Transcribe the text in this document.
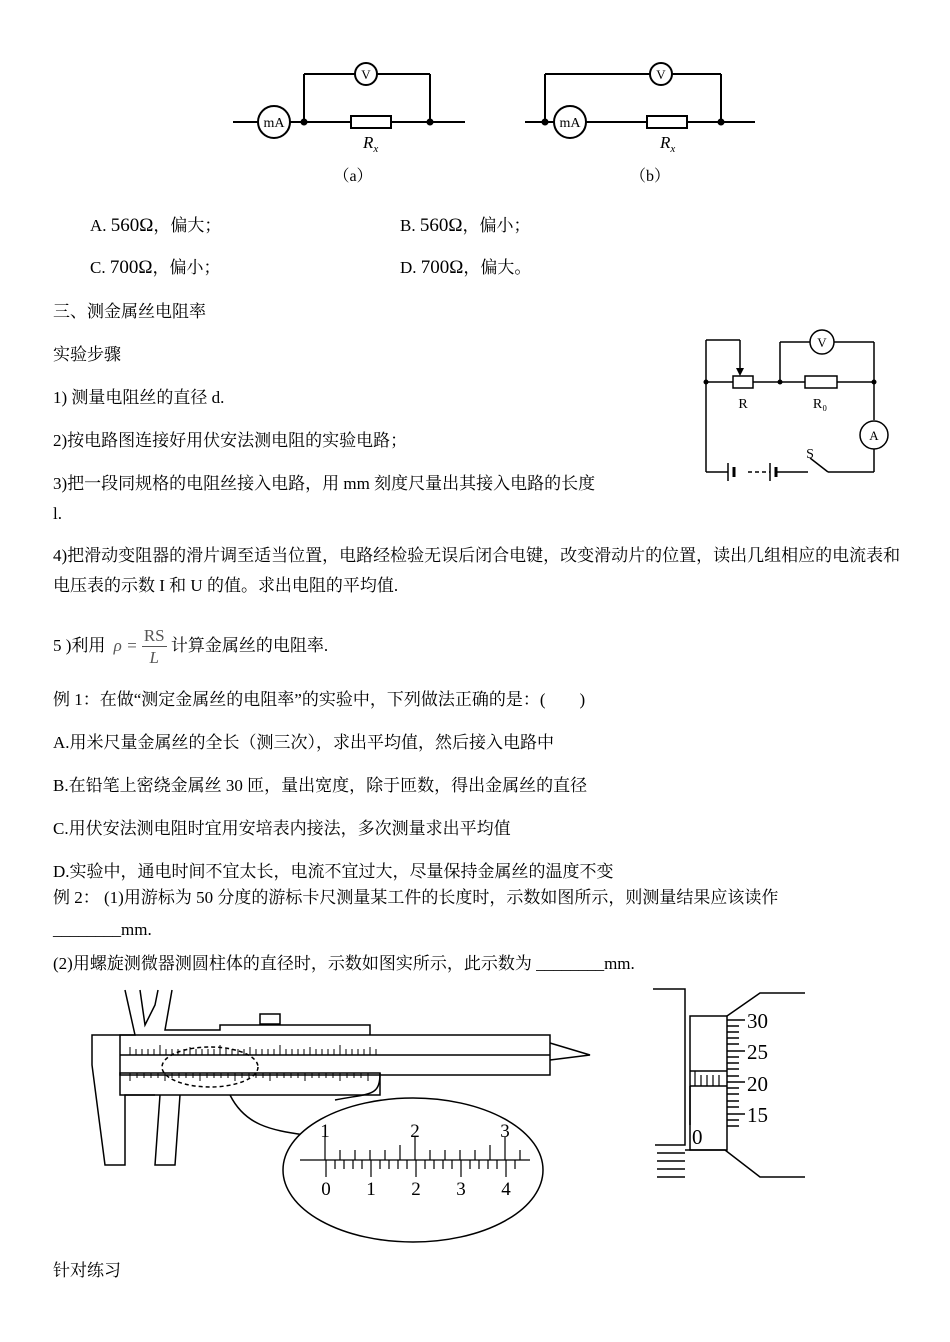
mA
V
$R_x$
（a）
mA
V
$R_x$
（b）
A. 560Ω，偏大；	B. 560Ω，偏小；
C. 700Ω，偏小；	D. 700Ω，偏大。
三、测金属丝电阻率
实验步骤
1) 测量电阻丝的直径 d.
2)按电路图连接好用伏安法测电阻的实验电路；
3)把一段同规格的电阻丝接入电路，用 mm 刻度尺量出其接入电路的长度
l.
4)把滑动变阻器的滑片调至适当位置，电路经检验无误后闭合电键，改变滑动片的位置，读出几组相应的电流表和电压表的示数 I 和 U 的值。求出电阻的平均值.
V
A
R	R₀
S
5 )利用 $\rho = \frac{RS}{L}$ 计算金属丝的电阻率.
例 1：在做“测定金属丝的电阻率”的实验中，下列做法正确的是：(　　)
A.用米尺量金属丝的全长（测三次），求出平均值，然后接入电路中
B.在铅笔上密绕金属丝 30 匝，量出宽度，除于匝数，得出金属丝的直径
C.用伏安法测电阻时宜用安培表内接法，多次测量求出平均值
D.实验中，通电时间不宜太长，电流不宜过大，尽量保持金属丝的温度不变
例 2： (1)用游标为 50 分度的游标卡尺测量某工件的长度时，示数如图所示，则测量结果应该读作
________mm.
(2)用螺旋测微器测圆柱体的直径时，示数如图实所示，此示数为 ________mm.
1	2	3
0 1 2 3 4
30
25
20
15
0
针对练习
